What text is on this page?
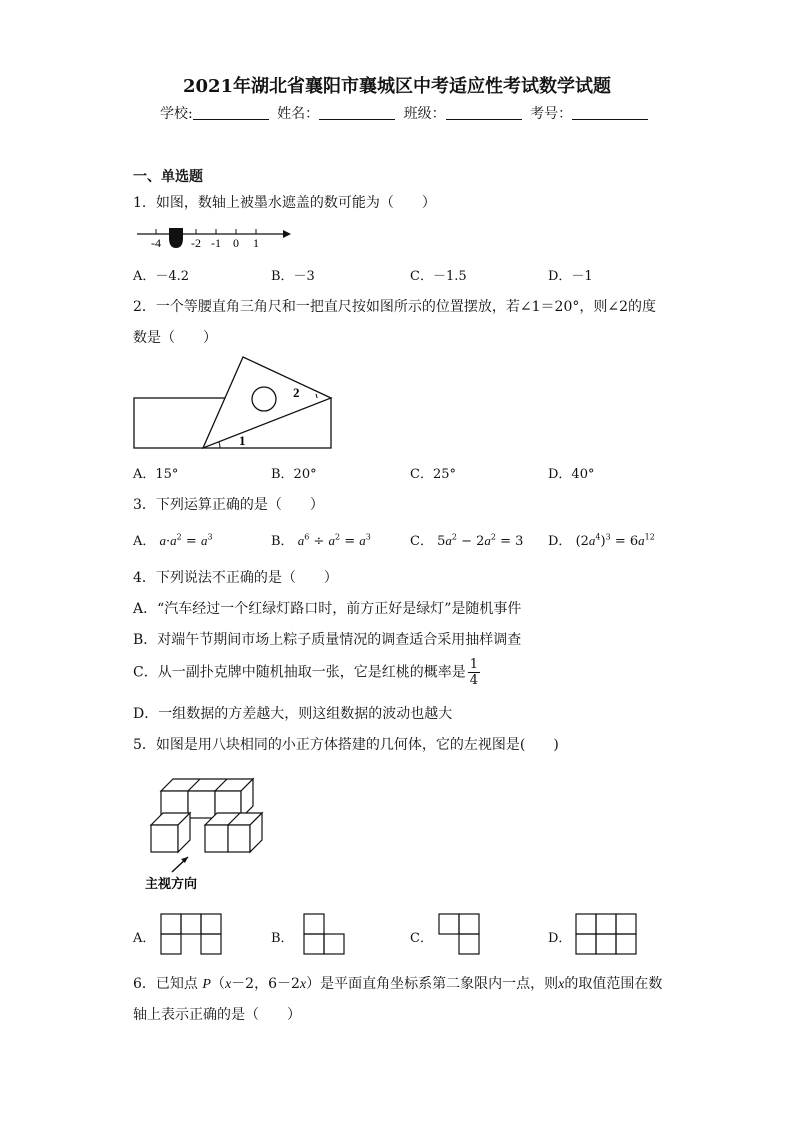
2021年湖北省襄阳市襄城区中考适应性考试数学试题
学校:	姓名：	班级：	考号：
一、单选题
1．如图，数轴上被墨水遮盖的数可能为（　　）
-4	-2 -1 0 1
A．－4.2	B．－3	C．－1.5	D．－1
2．一个等腰直角三角尺和一把直尺按如图所示的位置摆放，若∠1＝20°，则∠2的度
数是（　　）
1
2
A．15°	B．20°	C．25°	D．40°
3．下列运算正确的是（　　）
A． $a\cdot a^2 = a^3$	B． $a^6 \div a^2 = a^3$	C． $5a^2 - 2a^2 = 3$ D． $(2a^4)^3 = 6a^{12}$
4．下列说法不正确的是（　　）
A．“汽车经过一个红绿灯路口时，前方正好是绿灯”是随机事件
B．对端午节期间市场上粽子质量情况的调查适合采用抽样调查
C．从一副扑克牌中随机抽取一张，它是红桃的概率是 $\frac{1}{4}$
D．一组数据的方差越大，则这组数据的波动也越大
5．如图是用八块相同的小正方体搭建的几何体，它的左视图是(　　)
主视方向
A．	B．	C．	D．
6．已知点 P（x－2，6－2x）是平面直角坐标系第二象限内一点，则x的取值范围在数
轴上表示正确的是（　　）
